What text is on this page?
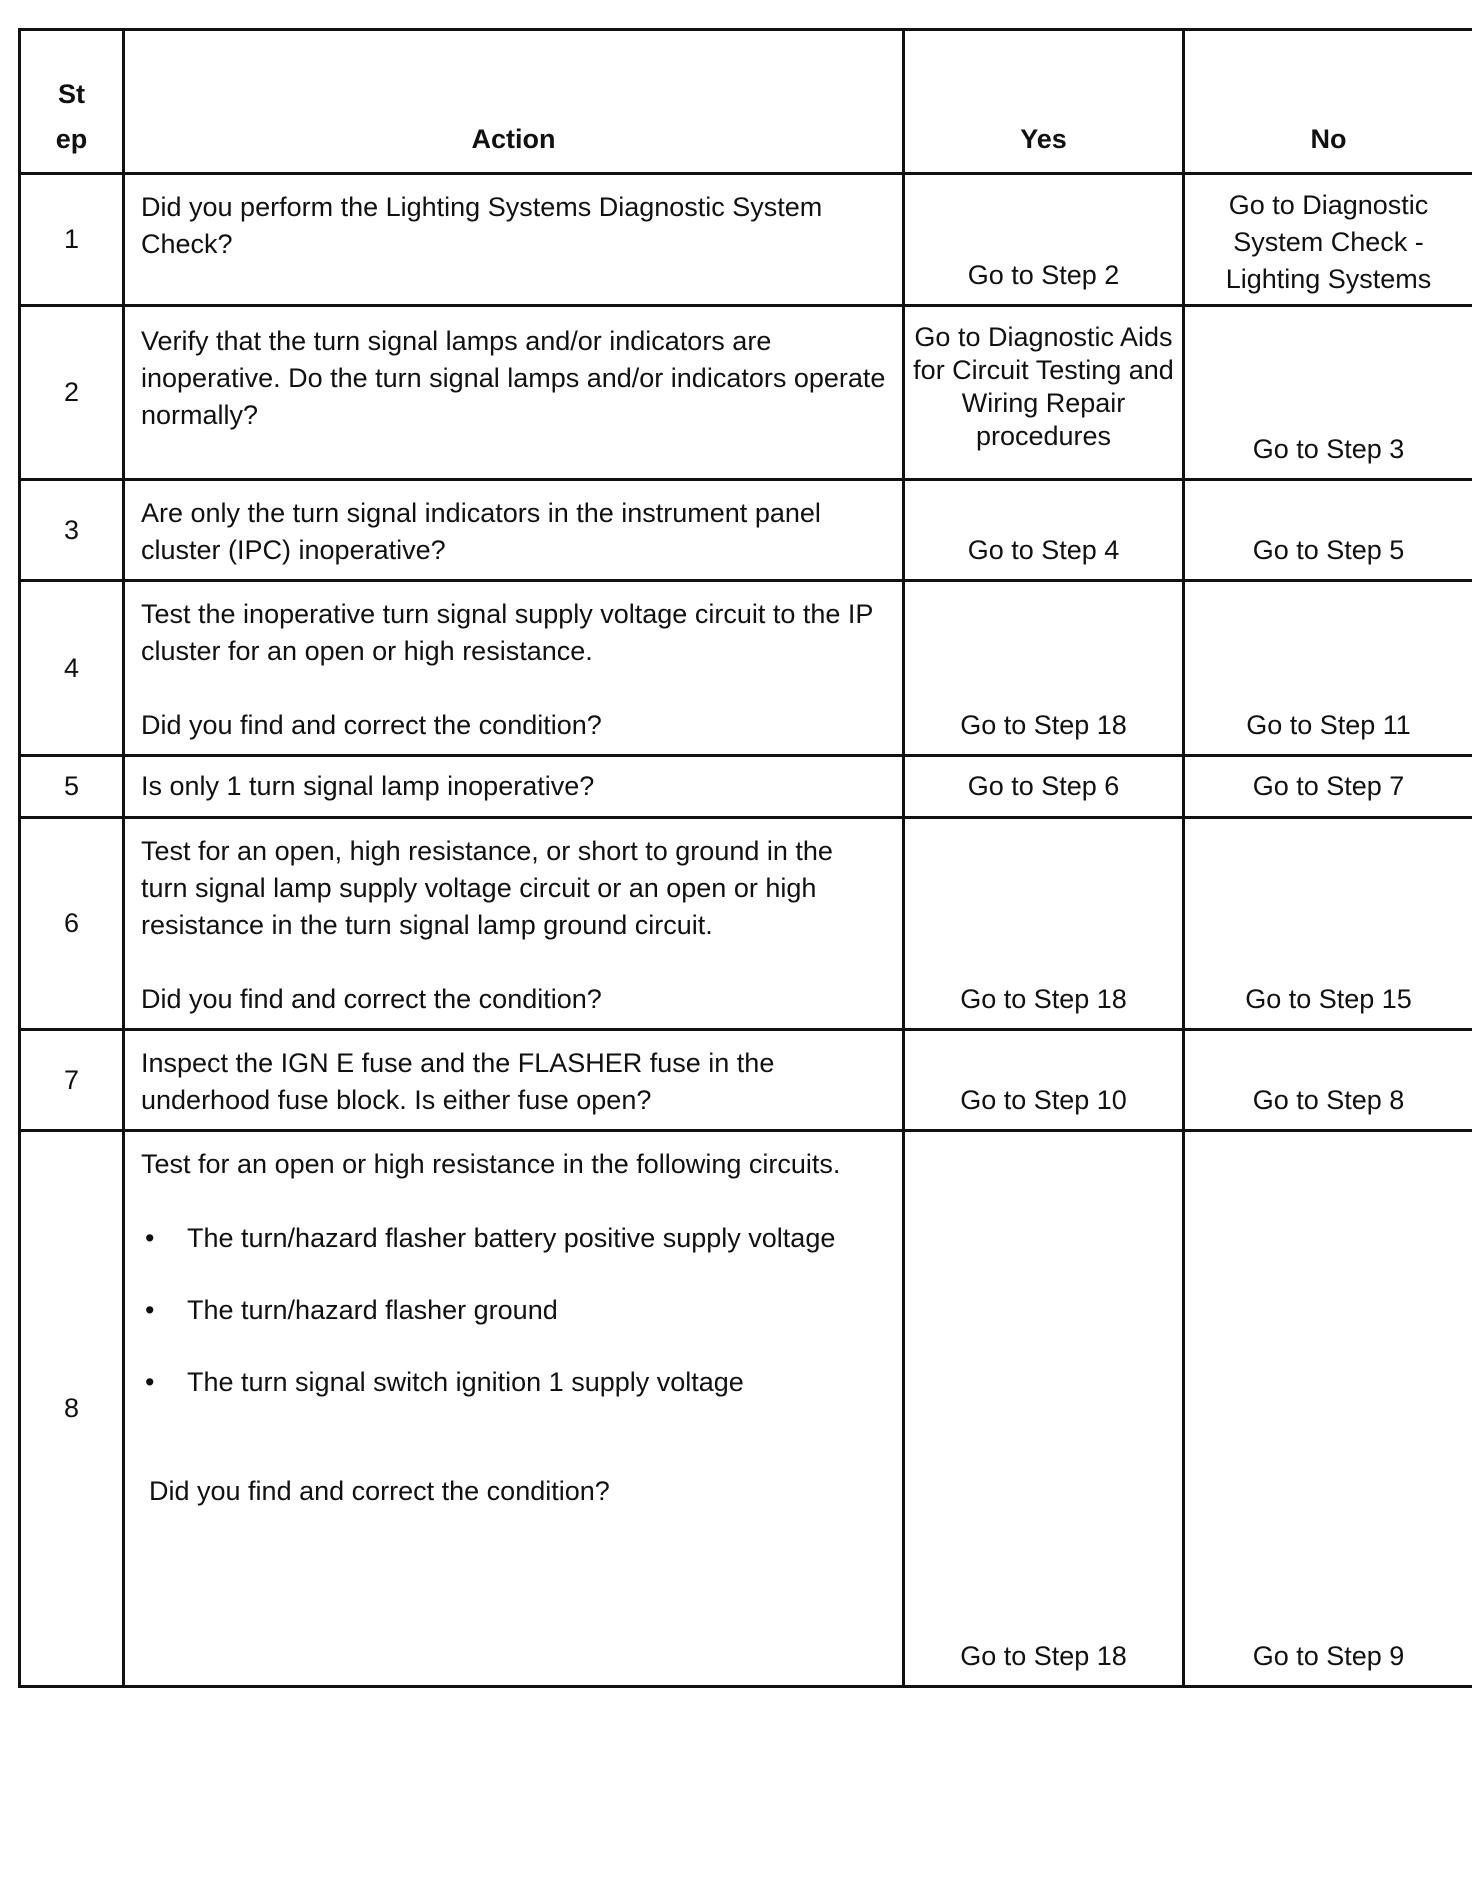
St
ep	Action	Yes	No
1	Did you perform the Lighting Systems Diagnostic System Check?	Go to Step 2	Go to Diagnostic System Check - Lighting Systems
2	Verify that the turn signal lamps and/or indicators are inoperative. Do the turn signal lamps and/or indicators operate normally?	Go to Diagnostic Aids for Circuit Testing and Wiring Repair procedures	Go to Step 3
3	Are only the turn signal indicators in the instrument panel cluster (IPC) inoperative?	Go to Step 4	Go to Step 5
4	Test the inoperative turn signal supply voltage circuit to the IP cluster for an open or high resistance.

Did you find and correct the condition?	Go to Step 18	Go to Step 11
5	Is only 1 turn signal lamp inoperative?	Go to Step 6	Go to Step 7
6	Test for an open, high resistance, or short to ground in the turn signal lamp supply voltage circuit or an open or high resistance in the turn signal lamp ground circuit.

Did you find and correct the condition?	Go to Step 18	Go to Step 15
7	Inspect the IGN E fuse and the FLASHER fuse in the underhood fuse block. Is either fuse open?	Go to Step 10	Go to Step 8
8	Test for an open or high resistance in the following circuits.

• The turn/hazard flasher battery positive supply voltage

• The turn/hazard flasher ground

• The turn signal switch ignition 1 supply voltage

Did you find and correct the condition?	Go to Step 18	Go to Step 9
